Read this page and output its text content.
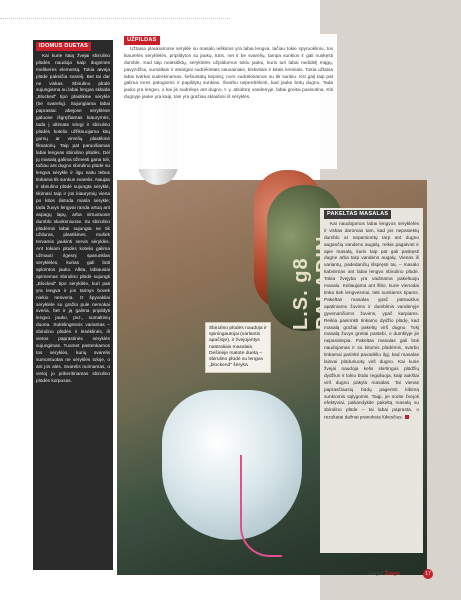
L.S. g8
UŽPILDAS

Užtaisa plaukiamose sėryklė su masalo ieškimis yra labai lengva, tačiau tokie spyruokliniu, tos kiaurelės sėryklėlės, pripildytos su jaukų, tūris, net ir be svarelių, tampa sunkios ir gali nuskęsti dumble. Kad taip neatsitiktų, sėryklėlės užpildomos tokiu jauku, kuris turi labai nedidelį mągų, pavyzdžiui, sumaltais ir atsargiai sudrėkintais sausainiais, biskvitais ir kitais krėiniais. Tokia užtaisa labai tvarkai sudrėkinamas, šešiuntatų kepinių; nors sudrėkinamos su tik sunkiu. Kiti galį taip pat galima toms patogioms ir papildytų sunkias. Švarbu neperdrėkinti, kad jauke būtų dugno. Tada jauko yra lengvo, o kai jis sudrėkęs ant dugno, t. y. atsidūrę vandenyje, labai greitai pasisotina. Kiti dugnyje jauke yra kaip, tasi yra gražiau sklaidosi iš sėryklės.

IDOMUS DUETAS

Kai kurie itaią žvejai sbirulino plūdės naudoja kaip dugninės meškerės elementą. Tokia atveja plūdė pakeičia svarelį. Bet tai dar ne viskas. Sbirulino plūdė sujungiama su labai lengva sklaida „Blocked" tipo plastikine sėrykle (be svarelių). Sujungiama labai paprastai: abejose sėryklėse galuose išgręžiamas kiaurymės, tada į ultimate sriegi ir sbirulino plūdės kotelio užfiksuojama kitų gumų ar virvelių plastikinė fiksatorių. Taip pat paruošiamas labai lengvas sbirulino plūdės. Dėl jų masalą galima ūžmesti gana toli, tačiau ant dugno sbirulino plūdė su lengva sėryklė ir ilgu saitu tebus tinkama tik sunkus svarelis. Naujas ir sbirulino plūdė sujungta sėryklė, tikimasi taip ir jūs kiaurymių viena po kitos ilistoda masla sėrykle; tada žuvys lengvai randa artuą ant aspagų lapų, arba virtuotuose dumblo sluoksniuose. Su sbirulino plūdėmis labai sujungta ne tik užduras, plastikines, mušek tervamis jaukinti servis sėryklės. Ant tokiam plūdės kotelio galima užmauti ilgesnį sparunklas sėryklėles, kurias gali būti apkrintos jauko. Alkta, labiausiai apimemas sbirulino plūdė sujungti „Blocked" tipo sėryklėle, kuri pati yra lengva ir jos tarinys bovek niekio nesveria. O špyvakliai sėryklėle su gražia pulė nemokai sveria, bet ir ją galima pripildyti lengvo jauko, pvz., sumaltinių duona. Sukėlingesnis variantas – sbirulino plūdės ir lėsėklinės, iš vietos paprastinės sėryklės sujungimas. Tuomet pastenkamos tos sėryklės, kurių svarelis sumontuotas ne sėryklės toloje, o ant jos alės. Svarelis nuimamas, o vietoj jo prikeritinamas sbirulino plūdės korpusas.

PAKELTAS MASALAS

Kai naudojamos labai lengvos sėryklėlės ir viskas daromas tam, kad jos nepasiektų dumblo ar neparsinėtų tarp ant dugno augančių vandens augalų, reikia pagalvoti ir apie masalą, kuris taip pat gali paskęsti dugne arba tarp vandens augalų. Vienas iš variantų, padedančių išspręsti tai, – masalo kabinimas ant labai lengvo sbirulino plūdė. Tokia žvejyba yra vadinama pakeltuoju masalu. Keliaujama ant šlito, kurie vienodai tinka tiek lengvesniai, tiek sunkiems tipams. Pakeltas masalas ypač patrauklus apatiniams žuvims ir dumblinis vandenyje gyvenančioms žuvims, ypač karpiams. Reikia pasirinkti tinkamo dydžio plūdę, kad masalą gražiai pakeltų virš dugno. Tokį masalą žuvys greitai pastebi, o dumblyje jis nepasislepia. Pakeltas masalas gali būti naudojamas ir su kitomis plūdėmis, svarbu tinkamai parinkti pavadėlio ilgį, kad masalas laisvai plūduriuotų virš dugno. Kai kurie žvejai naudoja kelis skirtingus plūdžių dydžius ir tokiu būdu reguliuoja, kaip aukštai virš dugno pakyla masalas. Tai vienas paprasčiausių būdų pagerinti kibimą sunkiomis sąlygomis. Taigi, jei norite žvejoti efektyviai, pabandykite pakeltą masalą su sbirulino plūde – tai labai paprasta, o rezultatai dažnai pranoksta lūkesčius.

Sbirulino plūdės naudoja ir spiningautojai (varlantis apačioje), ir žvejojantys natūraliais masalais. Dešinėje matote duetą – sbirulino plūdė su lengva „blockend" šėryka
Žvejok Žuvys	17
